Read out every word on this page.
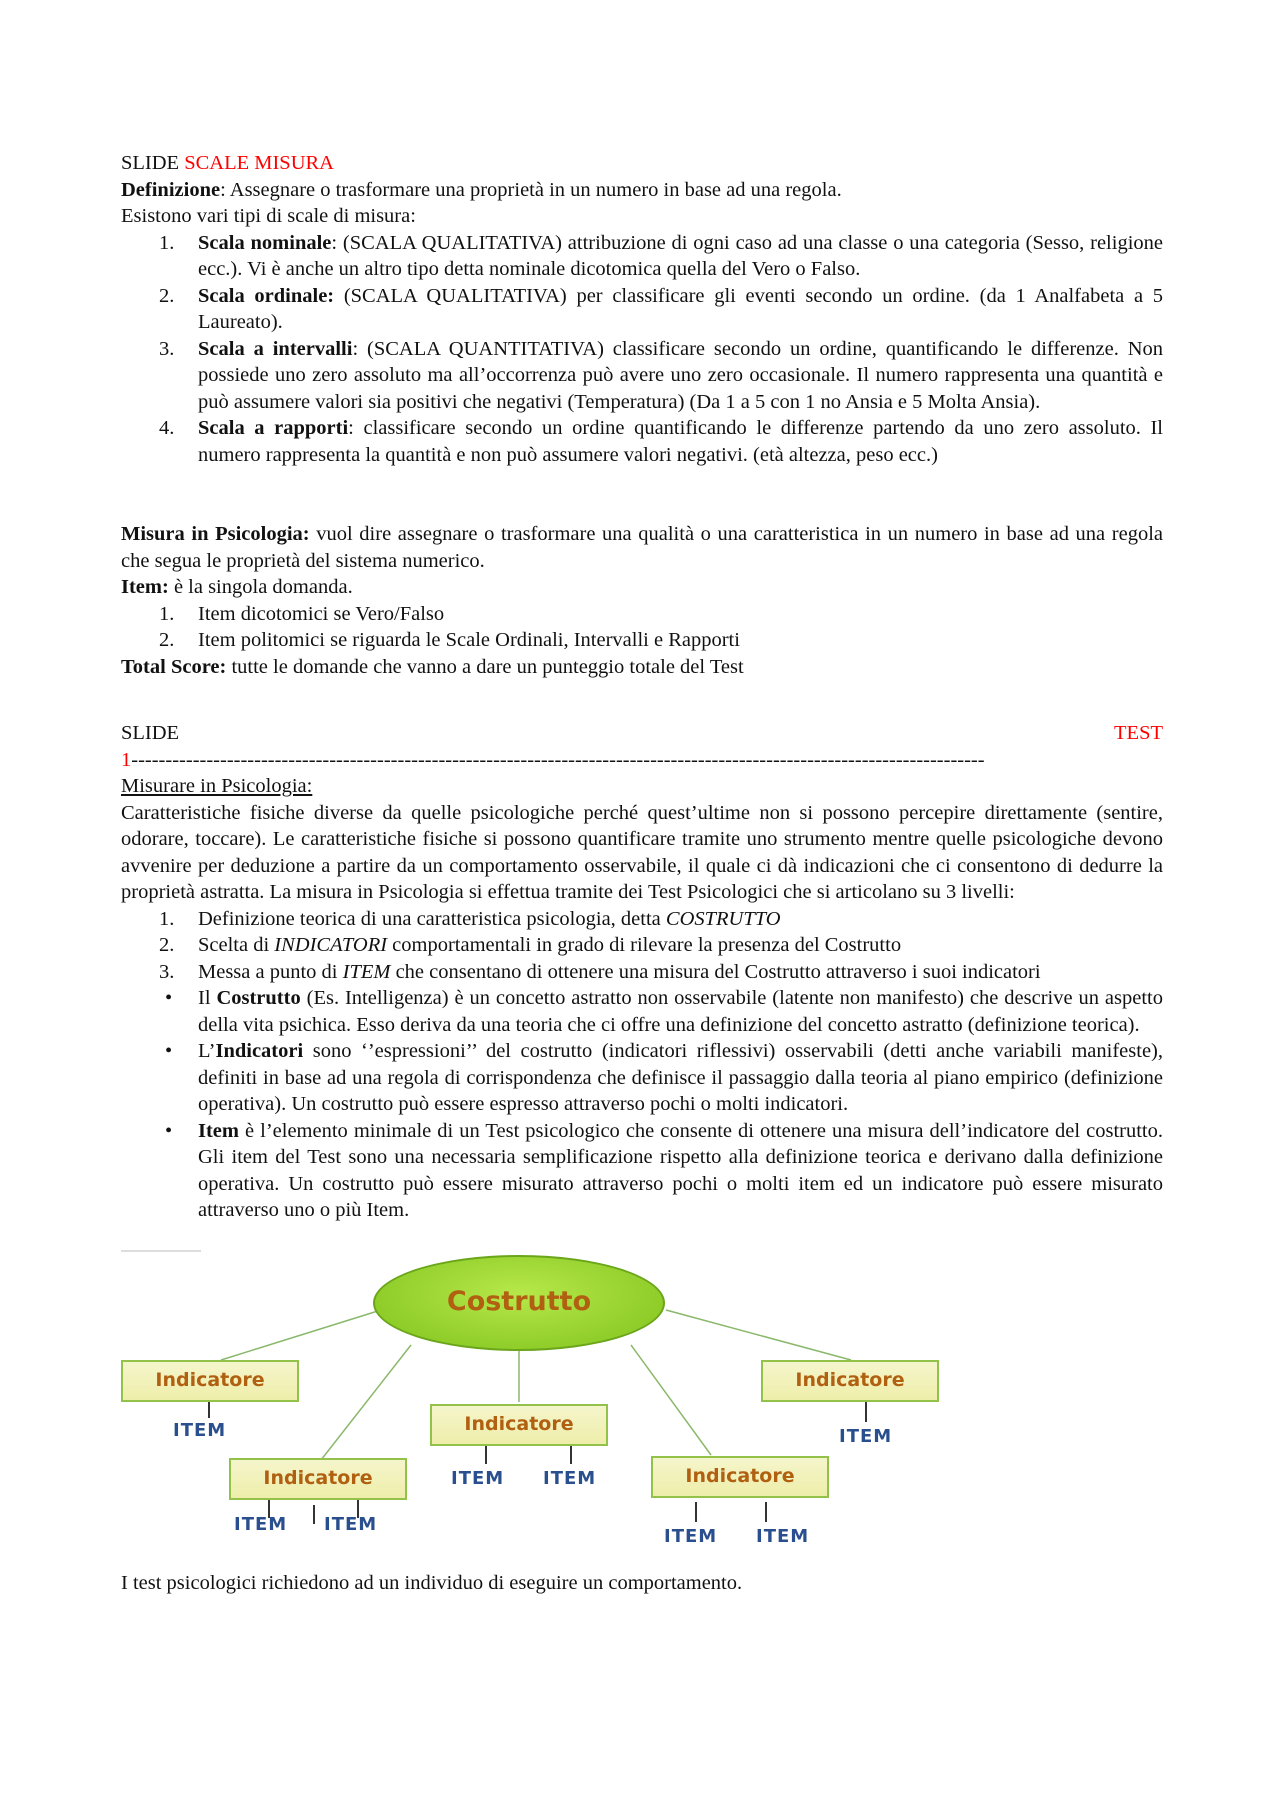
SLIDE SCALE MISURA

Definizione: Assegnare o trasformare una proprietà in un numero in base ad una regola.

Esistono vari tipi di scale di misura:

1.	Scala nominale: (SCALA QUALITATIVA) attribuzione di ogni caso ad una classe o una categoria (Sesso, religione ecc.). Vi è anche un altro tipo detta nominale dicotomica quella del Vero o Falso.
2.	Scala ordinale: (SCALA QUALITATIVA) per classificare gli eventi secondo un ordine. (da 1 Analfabeta a 5 Laureato).
3.	Scala a intervalli: (SCALA QUANTITATIVA) classificare secondo un ordine, quantificando le differenze. Non possiede uno zero assoluto ma all’occorrenza può avere uno zero occasionale. Il numero rappresenta una quantità e può assumere valori sia positivi che negativi (Temperatura) (Da 1 a 5 con 1 no Ansia e 5 Molta Ansia).
4.	Scala a rapporti: classificare secondo un ordine quantificando le differenze partendo da uno zero assoluto. Il numero rappresenta la quantità e non può assumere valori negativi. (età altezza, peso ecc.)

Misura in Psicologia: vuol dire assegnare o trasformare una qualità o una caratteristica in un numero in base ad una regola che segua le proprietà del sistema numerico.

Item: è la singola domanda.

1.	Item dicotomici se Vero/Falso
2.	Item politomici se riguarda le Scale Ordinali, Intervalli e Rapporti

Total Score: tutte le domande che vanno a dare un punteggio totale del Test

SLIDE	TEST
1-----------------------------------------------------------------------------------------------------------------------------

Misurare in Psicologia:

Caratteristiche fisiche diverse da quelle psicologiche perché quest’ultime non si possono percepire direttamente (sentire, odorare, toccare). Le caratteristiche fisiche si possono quantificare tramite uno strumento mentre quelle psicologiche devono avvenire per deduzione a partire da un comportamento osservabile, il quale ci dà indicazioni che ci consentono di dedurre la proprietà astratta. La misura in Psicologia si effettua tramite dei Test Psicologici che si articolano su 3 livelli:

1.	Definizione teorica di una caratteristica psicologia, detta COSTRUTTO
2.	Scelta di INDICATORI comportamentali in grado di rilevare la presenza del Costrutto
3.	Messa a punto di ITEM che consentano di ottenere una misura del Costrutto attraverso i suoi indicatori
• Il Costrutto (Es. Intelligenza) è un concetto astratto non osservabile (latente non manifesto) che descrive un aspetto della vita psichica. Esso deriva da una teoria che ci offre una definizione del concetto astratto (definizione teorica).
• L’Indicatori sono ‘’espressioni’’ del costrutto (indicatori riflessivi) osservabili (detti anche variabili manifeste), definiti in base ad una regola di corrispondenza che definisce il passaggio dalla teoria al piano empirico (definizione operativa). Un costrutto può essere espresso attraverso pochi o molti indicatori.
• Item è l’elemento minimale di un Test psicologico che consente di ottenere una misura dell’indicatore del costrutto. Gli item del Test sono una necessaria semplificazione rispetto alla definizione teorica e derivano dalla definizione operativa. Un costrutto può essere misurato attraverso pochi o molti item ed un indicatore può essere misurato attraverso uno o più Item.
Costrutto
Indicatore	Indicatore
Indicatore
Indicatore	Indicatore
ITEM	ITEM
ITEM ITEM
ITEM ITEM
ITEM ITEM

I test psicologici richiedono ad un individuo di eseguire un comportamento.
